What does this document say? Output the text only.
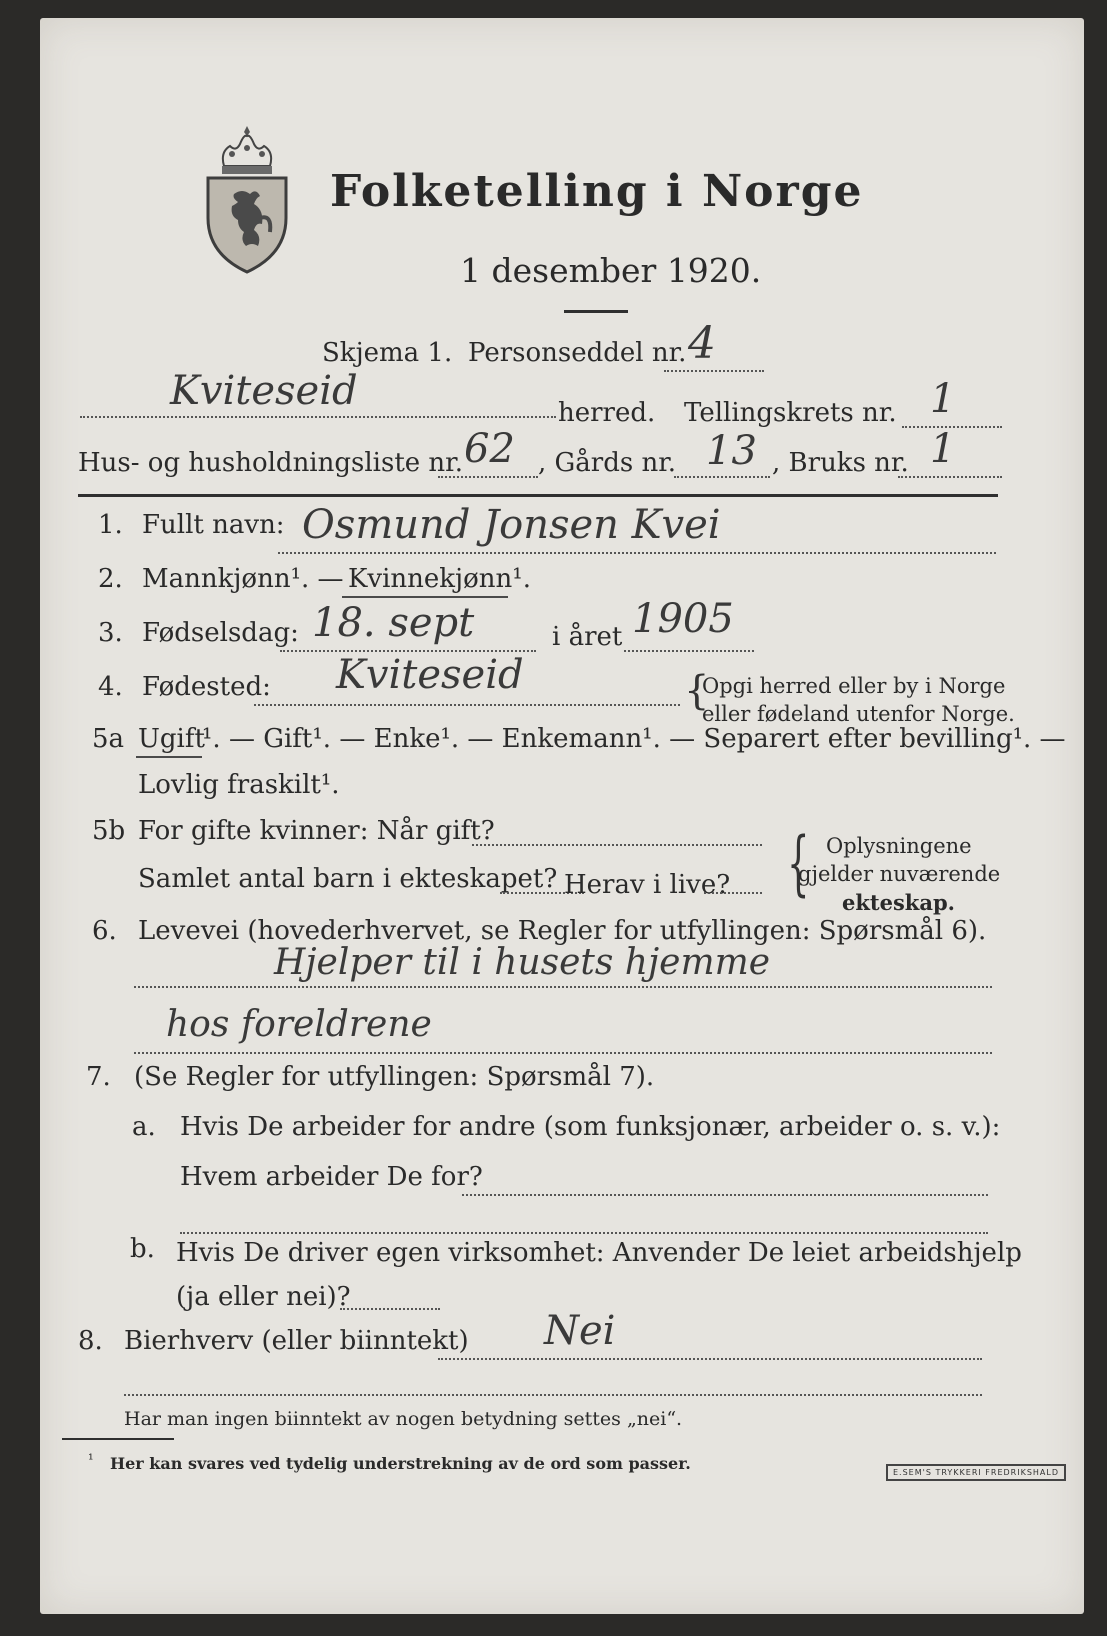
Folketelling i Norge
1 desember 1920.
Skjema 1. Personseddel nr. 4
Kviteseid	herred. Tellingskrets nr. 1
Hus- og husholdningsliste nr. 62 , Gårds nr. 13 , Bruks nr. 1
1. Fullt navn: Osmund Jonsen Kvei
2. Mannkjønn¹. — Kvinnekjønn¹.
3. Fødselsdag: 18. sept	i året 1905
4. Fødested: Kviteseid	{
Opgi herred eller by i Norge
eller fødeland utenfor Norge.
5a Ugift
¹. — Gift¹. — Enke¹. — Enkemann¹. — Separert efter bevilling¹. —
Lovlig fraskilt¹.
5b For gifte kvinner: Når gift?
Samlet antal barn i ekteskapet? Herav i live? { Oplysningene
gjelder nuværende
ekteskap.
6. Levevei (hovederhvervet, se Regler for utfyllingen: Spørsmål 6).
Hjelper til i husets hjemme
hos foreldrene
7. (Se Regler for utfyllingen: Spørsmål 7).
a. Hvis De arbeider for andre (som funksjonær, arbeider o. s. v.):
Hvem arbeider De for?
b. Hvis De driver egen virksomhet: Anvender De leiet arbeidshjelp
(ja eller nei)?
8. Bierhverv (eller biinntekt) Nei
Har man ingen biinntekt av nogen betydning settes „nei“.
¹ Her kan svares ved tydelig understrekning av de ord som passer.	E.SEM'S TRYKKERI FREDRIKSHALD
